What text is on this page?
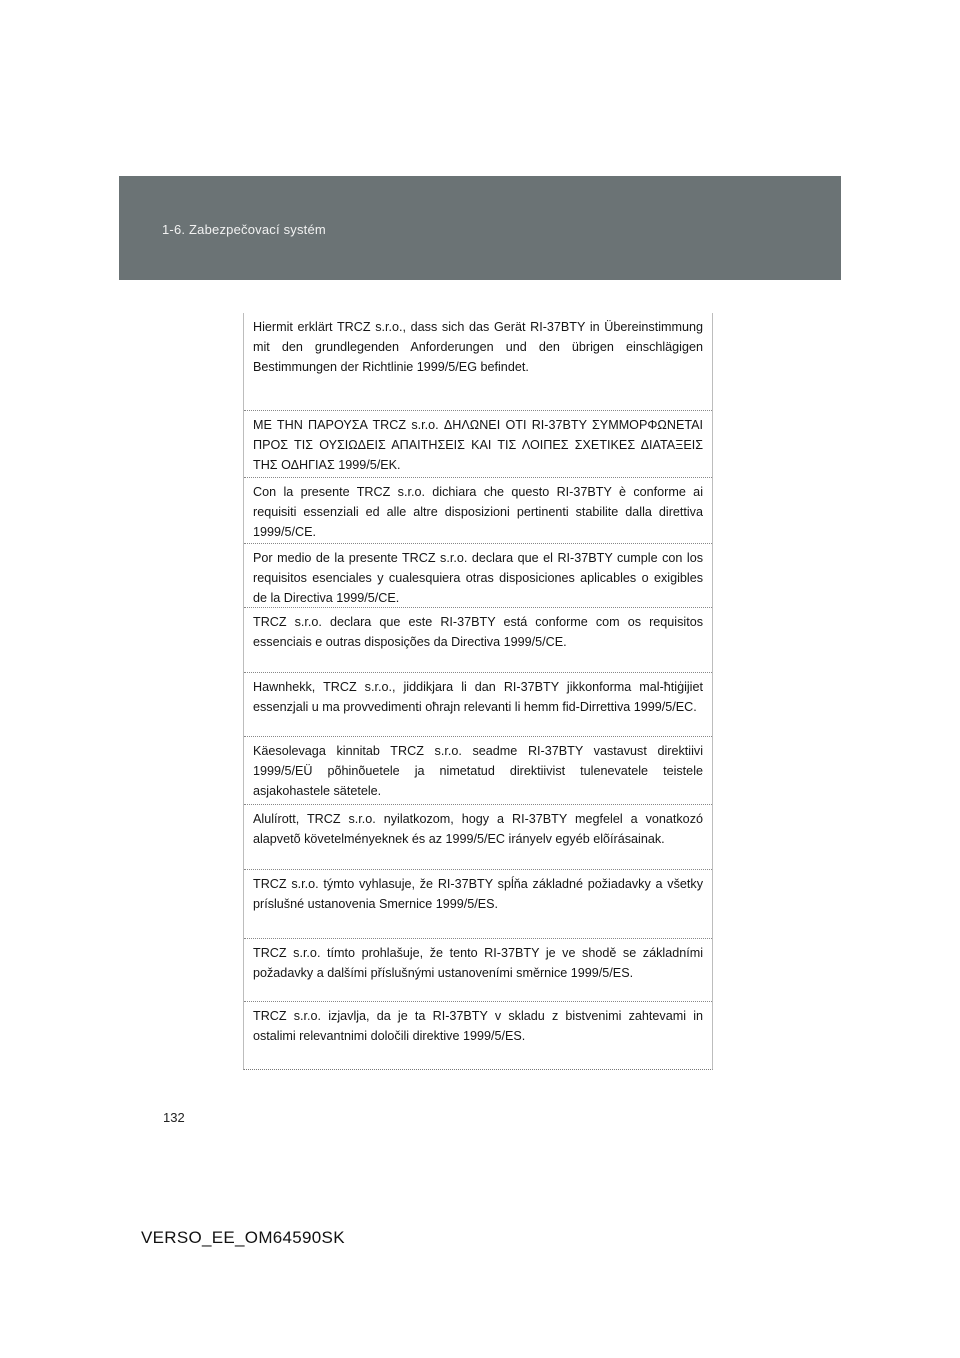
1-6. Zabezpečovací systém
Hiermit erklärt TRCZ s.r.o., dass sich das Gerät RI-37BTY in Übereinstimmung mit den grundlegenden Anforderungen und den übrigen einschlägigen Bestimmungen der Richtlinie 1999/5/EG befindet.
ΜΕ ΤΗΝ ΠΑΡΟΥΣΑ TRCZ s.r.o. ΔΗΛΩΝΕΙ ΟΤΙ RI-37BTY ΣΥΜΜΟΡΦΩΝΕΤΑΙ ΠΡΟΣ ΤΙΣ ΟΥΣΙΩΔΕΙΣ ΑΠΑΙΤΗΣΕΙΣ ΚΑΙ ΤΙΣ ΛΟΙΠΕΣ ΣΧΕΤΙΚΕΣ ΔΙΑΤΑΞΕΙΣ ΤΗΣ ΟΔΗΓΙΑΣ 1999/5/ΕΚ.
Con la presente TRCZ s.r.o. dichiara che questo RI-37BTY è conforme ai requisiti essenziali ed alle altre disposizioni pertinenti stabilite dalla direttiva 1999/5/CE.
Por medio de la presente TRCZ s.r.o. declara que el RI-37BTY cumple con los requisitos esenciales y cualesquiera otras disposiciones aplicables o exigibles de la Directiva 1999/5/CE.
TRCZ s.r.o. declara que este RI-37BTY está conforme com os requisitos essenciais e outras disposições da Directiva 1999/5/CE.
Hawnhekk, TRCZ s.r.o., jiddikjara li dan RI-37BTY jikkonforma mal-ħtiġijiet essenzjali u ma provvedimenti oħrajn relevanti li hemm fid-Dirrettiva 1999/5/EC.
Käesolevaga kinnitab TRCZ s.r.o. seadme RI-37BTY vastavust direktiivi 1999/5/EÜ põhinõuetele ja nimetatud direktiivist tulenevatele teistele asjakohastele sätetele.
Alulírott, TRCZ s.r.o. nyilatkozom, hogy a RI-37BTY megfelel a vonatkozó alapvetõ követelményeknek és az 1999/5/EC irányelv egyéb elõírásainak.
TRCZ s.r.o. týmto vyhlasuje, že RI-37BTY spĺňa základné požiadavky a všetky príslušné ustanovenia Smernice 1999/5/ES.
TRCZ s.r.o. tímto prohlašuje, že tento RI-37BTY je ve shodě se základními požadavky a dalšími příslušnými ustanoveními směrnice 1999/5/ES.
TRCZ s.r.o. izjavlja, da je ta RI-37BTY v skladu z bistvenimi zahtevami in ostalimi relevantnimi določili direktive 1999/5/ES.
132
VERSO_EE_OM64590SK
